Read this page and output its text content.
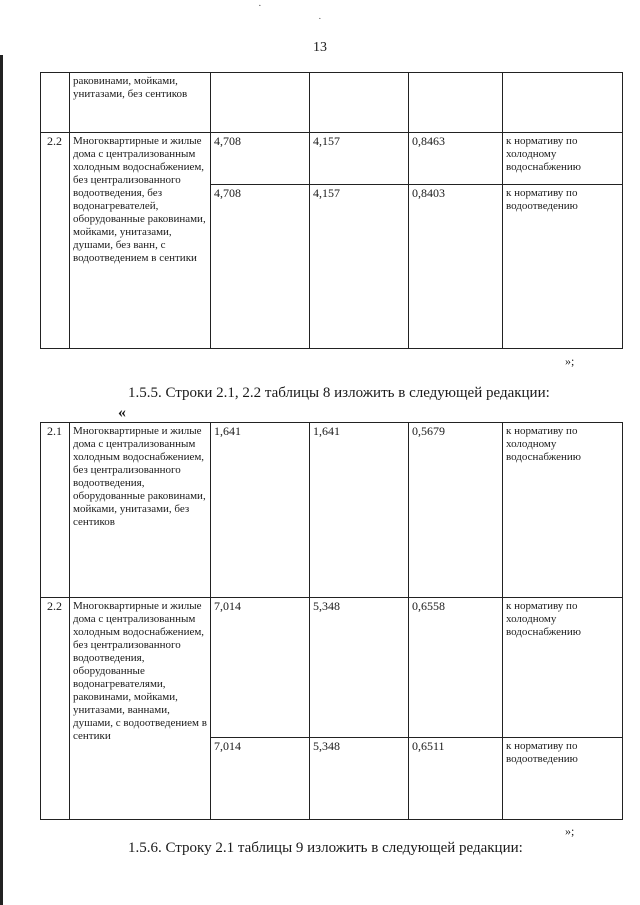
·
˙
13
	раковинами, мойками, унитазами, без сентиков				
2.2	Многоквартирные и жилые дома с централизованным холодным водоснабжением, без централизованного водоотведения, без водонагревателей, оборудованные раковинами, мойками, унитазами, душами, без ванн, с водоотведением в сентики	4,708	4,157	0,8463	к нормативу по холодному водоснабжению
		4,708	4,157	0,8403	к нормативу по водоотведению
»;
1.5.5. Строки 2.1, 2.2 таблицы 8 изложить в следующей редакции:
«
2.1	Многоквартирные и жилые дома с централизованным холодным водоснабжением, без централизованного водоотведения, оборудованные раковинами, мойками, унитазами, без сентиков	1,641	1,641	0,5679	к нормативу по холодному водоснабжению
2.2	Многоквартирные и жилые дома с централизованным холодным водоснабжением, без централизованного водоотведения, оборудованные водонагревателями, раковинами, мойками, унитазами, ваннами, душами, с водоотведением в сентики	7,014	5,348	0,6558	к нормативу по холодному водоснабжению
		7,014	5,348	0,6511	к нормативу по водоотведению
»;
1.5.6. Строку 2.1 таблицы 9 изложить в следующей редакции:
